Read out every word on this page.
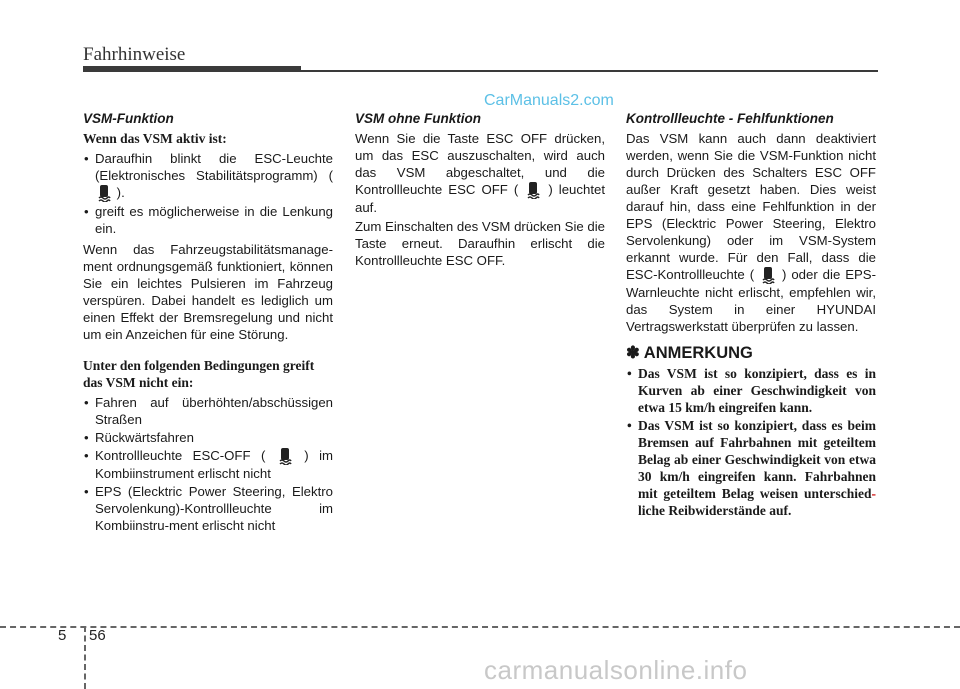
Fahrhinweise
CarManuals2.com
VSM-Funktion
Wenn das VSM aktiv ist:
• Daraufhin blinkt die ESC-Leuchte (Elektronisches Stabilitätsprogramm) (  ).
• greift es möglicherweise in die Lenkung ein.
Wenn das Fahrzeugstabilitätsmanage-ment ordnungsgemäß funktioniert, können Sie ein leichtes Pulsieren im Fahrzeug verspüren. Dabei handelt es lediglich um einen Effekt der Bremsregelung und nicht um ein Anzeichen für eine Störung.
Unter den folgenden Bedingungen greift das VSM nicht ein:
• Fahren auf überhöhten/abschüssigen Straßen
• Rückwärtsfahren
• Kontrollleuchte ESC-OFF (	) im Kombiinstrument erlischt nicht
• EPS (Elecktric Power Steering, Elektro Servolenkung)-Kontrollleuchte im Kombiinstru-ment erlischt nicht
VSM ohne Funktion
Wenn Sie die Taste ESC OFF drücken, um das ESC auszuschalten, wird auch das VSM abgeschaltet, und die Kontrollleuchte ESC OFF ( ) leuchtet auf.
Zum Einschalten des VSM drücken Sie die Taste erneut. Daraufhin erlischt die Kontrollleuchte ESC OFF.
Kontrollleuchte - Fehlfunktionen
Das VSM kann auch dann deaktiviert werden, wenn Sie die VSM-Funktion nicht durch Drücken des Schalters ESC OFF außer Kraft gesetzt haben. Dies weist darauf hin, dass eine Fehlfunktion in der EPS (Elecktric Power Steering, Elektro Servolenkung) oder im VSM-System erkannt wurde. Für den Fall, dass die ESC-Kontrollleuchte ( ) oder die EPS-Warnleuchte nicht erlischt, empfehlen wir, das System in einer HYUNDAI Vertragswerkstatt überprüfen zu lassen.
✽ ANMERKUNG
• Das VSM ist so konzipiert, dass es in Kurven ab einer Geschwindigkeit von etwa 15 km/h eingreifen kann.
• Das VSM ist so konzipiert, dass es beim Bremsen auf Fahrbahnen mit geteiltem Belag ab einer Geschwindigkeit von etwa 30 km/h eingreifen kann. Fahrbahnen mit geteiltem Belag weisen unterschied- liche Reibwiderstände auf.
5 56
carmanualsonline.info
